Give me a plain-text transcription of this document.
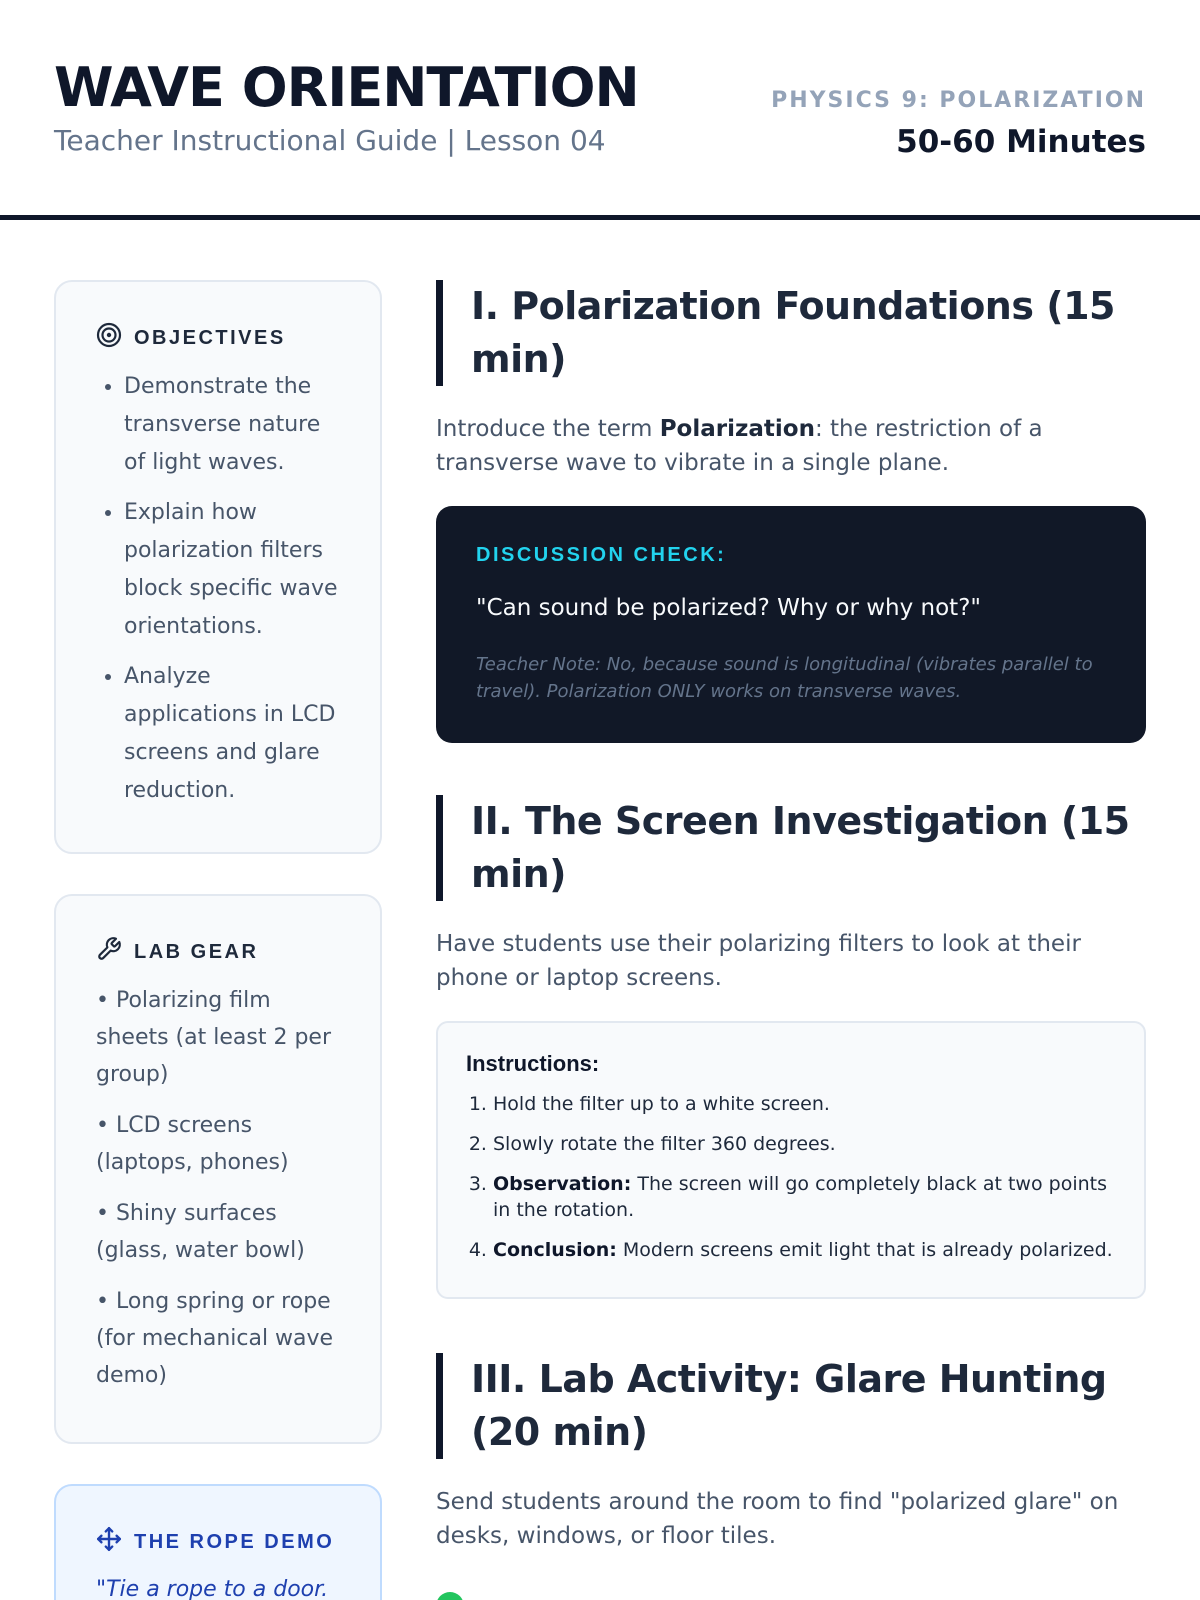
WAVE ORIENTATION
Teacher Instructional Guide | Lesson 04
PHYSICS 9: POLARIZATION
50-60 Minutes
OBJECTIVES
• Demonstrate the transverse nature of light waves.
• Explain how polarization filters block specific wave orientations.
• Analyze applications in LCD screens and glare reduction.
LAB GEAR
• Polarizing film sheets (at least 2 per group)
• LCD screens (laptops, phones)
• Shiny surfaces (glass, water bowl)
• Long spring or rope (for mechanical wave demo)
THE ROPE DEMO
"Tie a rope to a door.
I. Polarization Foundations (15 min)

Introduce the term Polarization: the restriction of a transverse wave to vibrate in a single plane.

DISCUSSION CHECK:
"Can sound be polarized? Why or why not?"
Teacher Note: No, because sound is longitudinal (vibrates parallel to travel). Polarization ONLY works on transverse waves.
II. The Screen Investigation (15 min)

Have students use their polarizing filters to look at their phone or laptop screens.

Instructions:
1. Hold the filter up to a white screen.
2. Slowly rotate the filter 360 degrees.
3. Observation: The screen will go completely black at two points in the rotation.
4. Conclusion: Modern screens emit light that is already polarized.
III. Lab Activity: Glare Hunting (20 min)

Send students around the room to find "polarized glare" on desks, windows, or floor tiles.
